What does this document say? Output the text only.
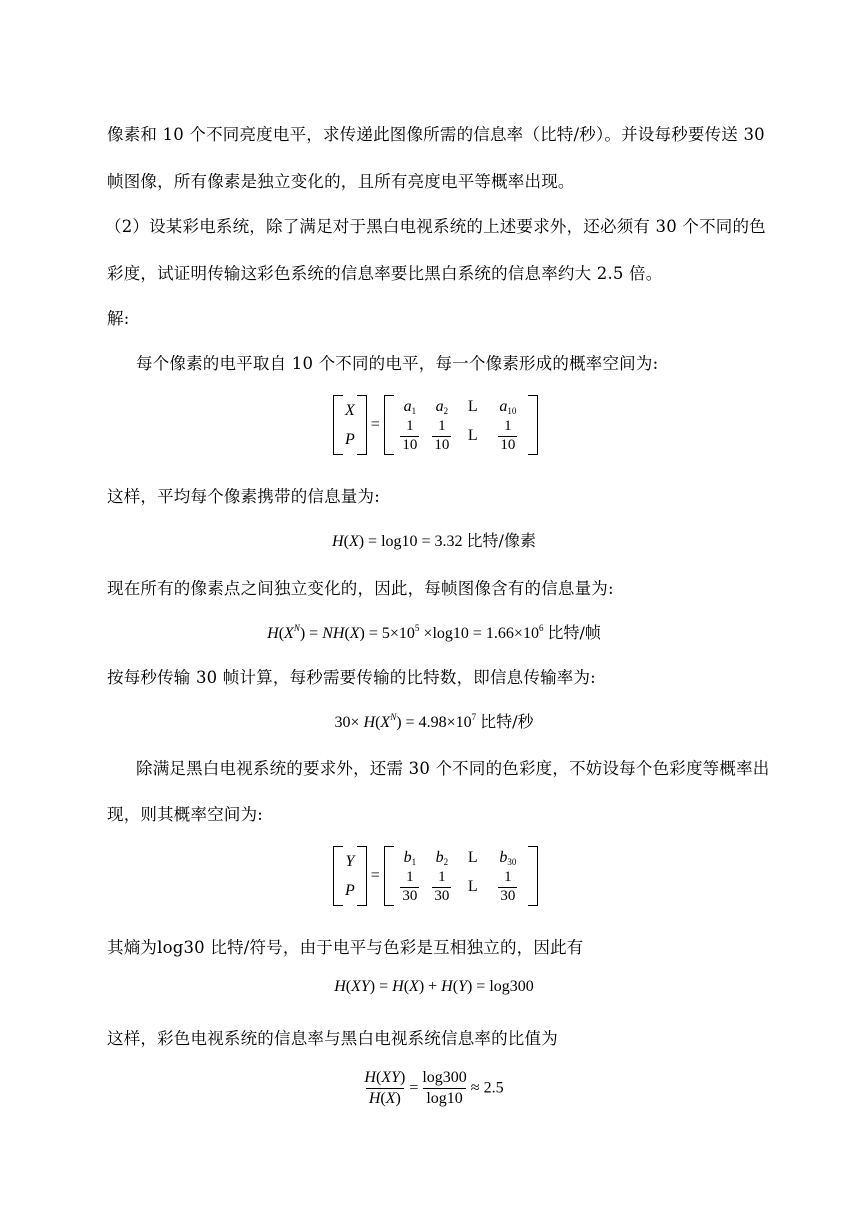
像素和 10 个不同亮度电平，求传递此图像所需的信息率（比特/秒）。并设每秒要传送 30
帧图像，所有像素是独立变化的，且所有亮度电平等概率出现。
（2）设某彩电系统，除了满足对于黑白电视系统的上述要求外，还必须有 30 个不同的色
彩度，试证明传输这彩色系统的信息率要比黑白系统的信息率约大 2.5 倍。
解:
每个像素的电平取自 10 个不同的电平，每一个像素形成的概率空间为:
X
P
=
$a_1$	$a_2$	L	$a_{10}$
$\frac{1}{10} \frac{1}{10}$	L	$\frac{1}{10}$
这样，平均每个像素携带的信息量为:
H(X) = log10 = 3.32 比特/像素
现在所有的像素点之间独立变化的，因此，每帧图像含有的信息量为:
$H(X^N) = NH(X) = 5\times 10^5 \times\log 10 = 1.66\times 10^6$ 比特/帧
按每秒传输 30 帧计算，每秒需要传输的比特数，即信息传输率为:
$30\times H(X^N) = 4.98\times 10^7$ 比特/秒
除满足黑白电视系统的要求外，还需 30 个不同的色彩度，不妨设每个色彩度等概率出
现，则其概率空间为:
Y
P
=
$b_1$	$b_2$	L	$b_{30}$
$\frac{1}{30} \frac{1}{30}$	L	$\frac{1}{30}$
其熵为log30 比特/符号，由于电平与色彩是互相独立的，因此有
H(XY) = H(X) + H(Y) = log300
这样，彩色电视系统的信息率与黑白电视系统信息率的比值为
$\frac{H(XY)}{H(X)} = \frac{\log 300}{\log 10} \approx 2.5$
